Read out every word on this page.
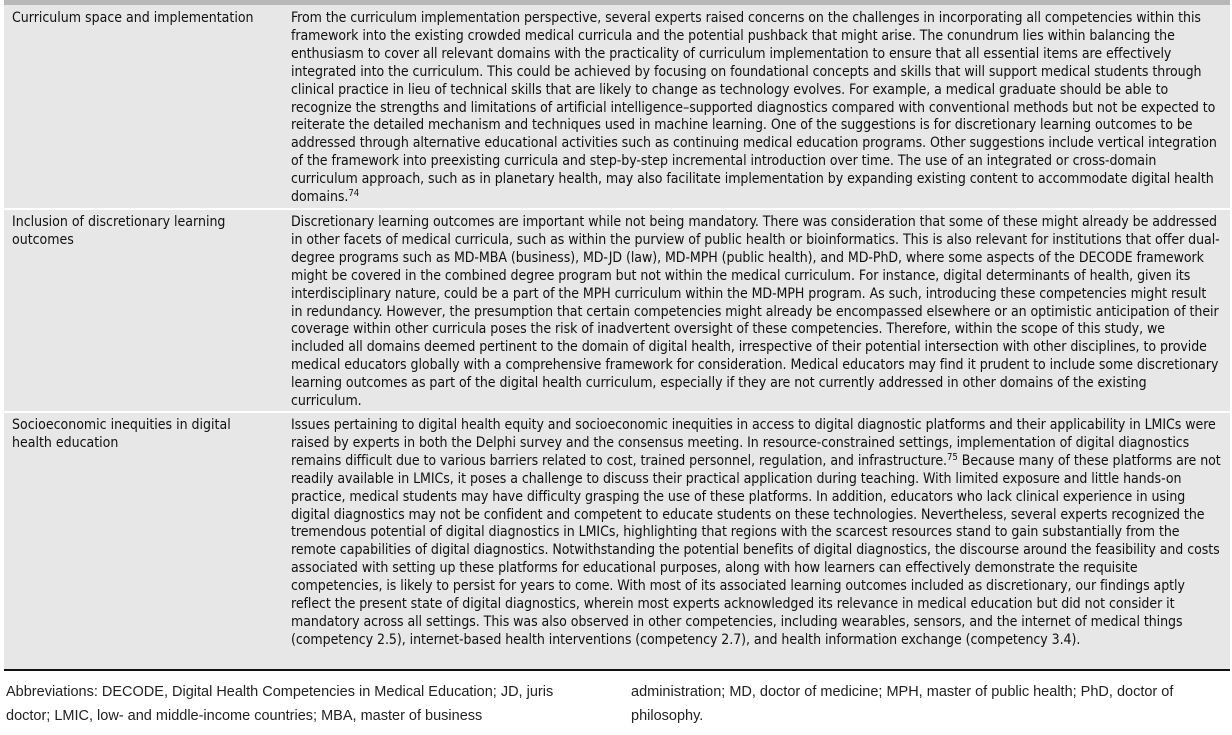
Curriculum space and implementation	From the curriculum implementation perspective, several experts raised concerns on the challenges in incorporating all competencies within this framework into the existing crowded medical curricula and the potential pushback that might arise. The conundrum lies within balancing the enthusiasm to cover all relevant domains with the practicality of curriculum implementation to ensure that all essential items are effectively integrated into the curriculum. This could be achieved by focusing on foundational concepts and skills that will support medical students through clinical practice in lieu of technical skills that are likely to change as technology evolves. For example, a medical graduate should be able to recognize the strengths and limitations of artificial intelligence–supported diagnostics compared with conventional methods but not be expected to reiterate the detailed mechanism and techniques used in machine learning. One of the suggestions is for discretionary learning outcomes to be addressed through alternative educational activities such as continuing medical education programs. Other suggestions include vertical integration of the framework into preexisting curricula and step-by-step incremental introduction over time. The use of an integrated or cross-domain curriculum approach, such as in planetary health, may also facilitate implementation by expanding existing content to accommodate digital health domains.$^{74}$
Inclusion of discretionary learning outcomes
Discretionary learning outcomes are important while not being mandatory. There was consideration that some of these might already be addressed in other facets of medical curricula, such as within the purview of public health or bioinformatics. This is also relevant for institutions that offer dual-degree programs such as MD-MBA (business), MD-JD (law), MD-MPH (public health), and MD-PhD, where some aspects of the DECODE framework might be covered in the combined degree program but not within the medical curriculum. For instance, digital determinants of health, given its interdisciplinary nature, could be a part of the MPH curriculum within the MD-MPH program. As such, introducing these competencies might result in redundancy. However, the presumption that certain competencies might already be encompassed elsewhere or an optimistic anticipation of their coverage within other curricula poses the risk of inadvertent oversight of these competencies. Therefore, within the scope of this study, we included all domains deemed pertinent to the domain of digital health, irrespective of their potential intersection with other disciplines, to provide medical educators globally with a comprehensive framework for consideration. Medical educators may find it prudent to include some discretionary learning outcomes as part of the digital health curriculum, especially if they are not currently addressed in other domains of the existing curriculum.
Socioeconomic inequities in digital health education
Issues pertaining to digital health equity and socioeconomic inequities in access to digital diagnostic platforms and their applicability in LMICs were raised by experts in both the Delphi survey and the consensus meeting. In resource-constrained settings, implementation of digital diagnostics remains difficult due to various barriers related to cost, trained personnel, regulation, and infrastructure.$^{75}$ Because many of these platforms are not readily available in LMICs, it poses a challenge to discuss their practical application during teaching. With limited exposure and little hands-on practice, medical students may have difficulty grasping the use of these platforms. In addition, educators who lack clinical experience in using digital diagnostics may not be confident and competent to educate students on these technologies. Nevertheless, several experts recognized the tremendous potential of digital diagnostics in LMICs, highlighting that regions with the scarcest resources stand to gain substantially from the remote capabilities of digital diagnostics. Notwithstanding the potential benefits of digital diagnostics, the discourse around the feasibility and costs associated with setting up these platforms for educational purposes, along with how learners can effectively demonstrate the requisite competencies, is likely to persist for years to come. With most of its associated learning outcomes included as discretionary, our findings aptly reflect the present state of digital diagnostics, wherein most experts acknowledged its relevance in medical education but did not consider it mandatory across all settings. This was also observed in other competencies, including wearables, sensors, and the internet of medical things (competency 2.5), internet-based health interventions (competency 2.7), and health information exchange (competency 3.4).
Abbreviations: DECODE, Digital Health Competencies in Medical Education; JD, juris doctor; LMIC, low- and middle-income countries; MBA, master of business
administration; MD, doctor of medicine; MPH, master of public health; PhD, doctor of philosophy.
